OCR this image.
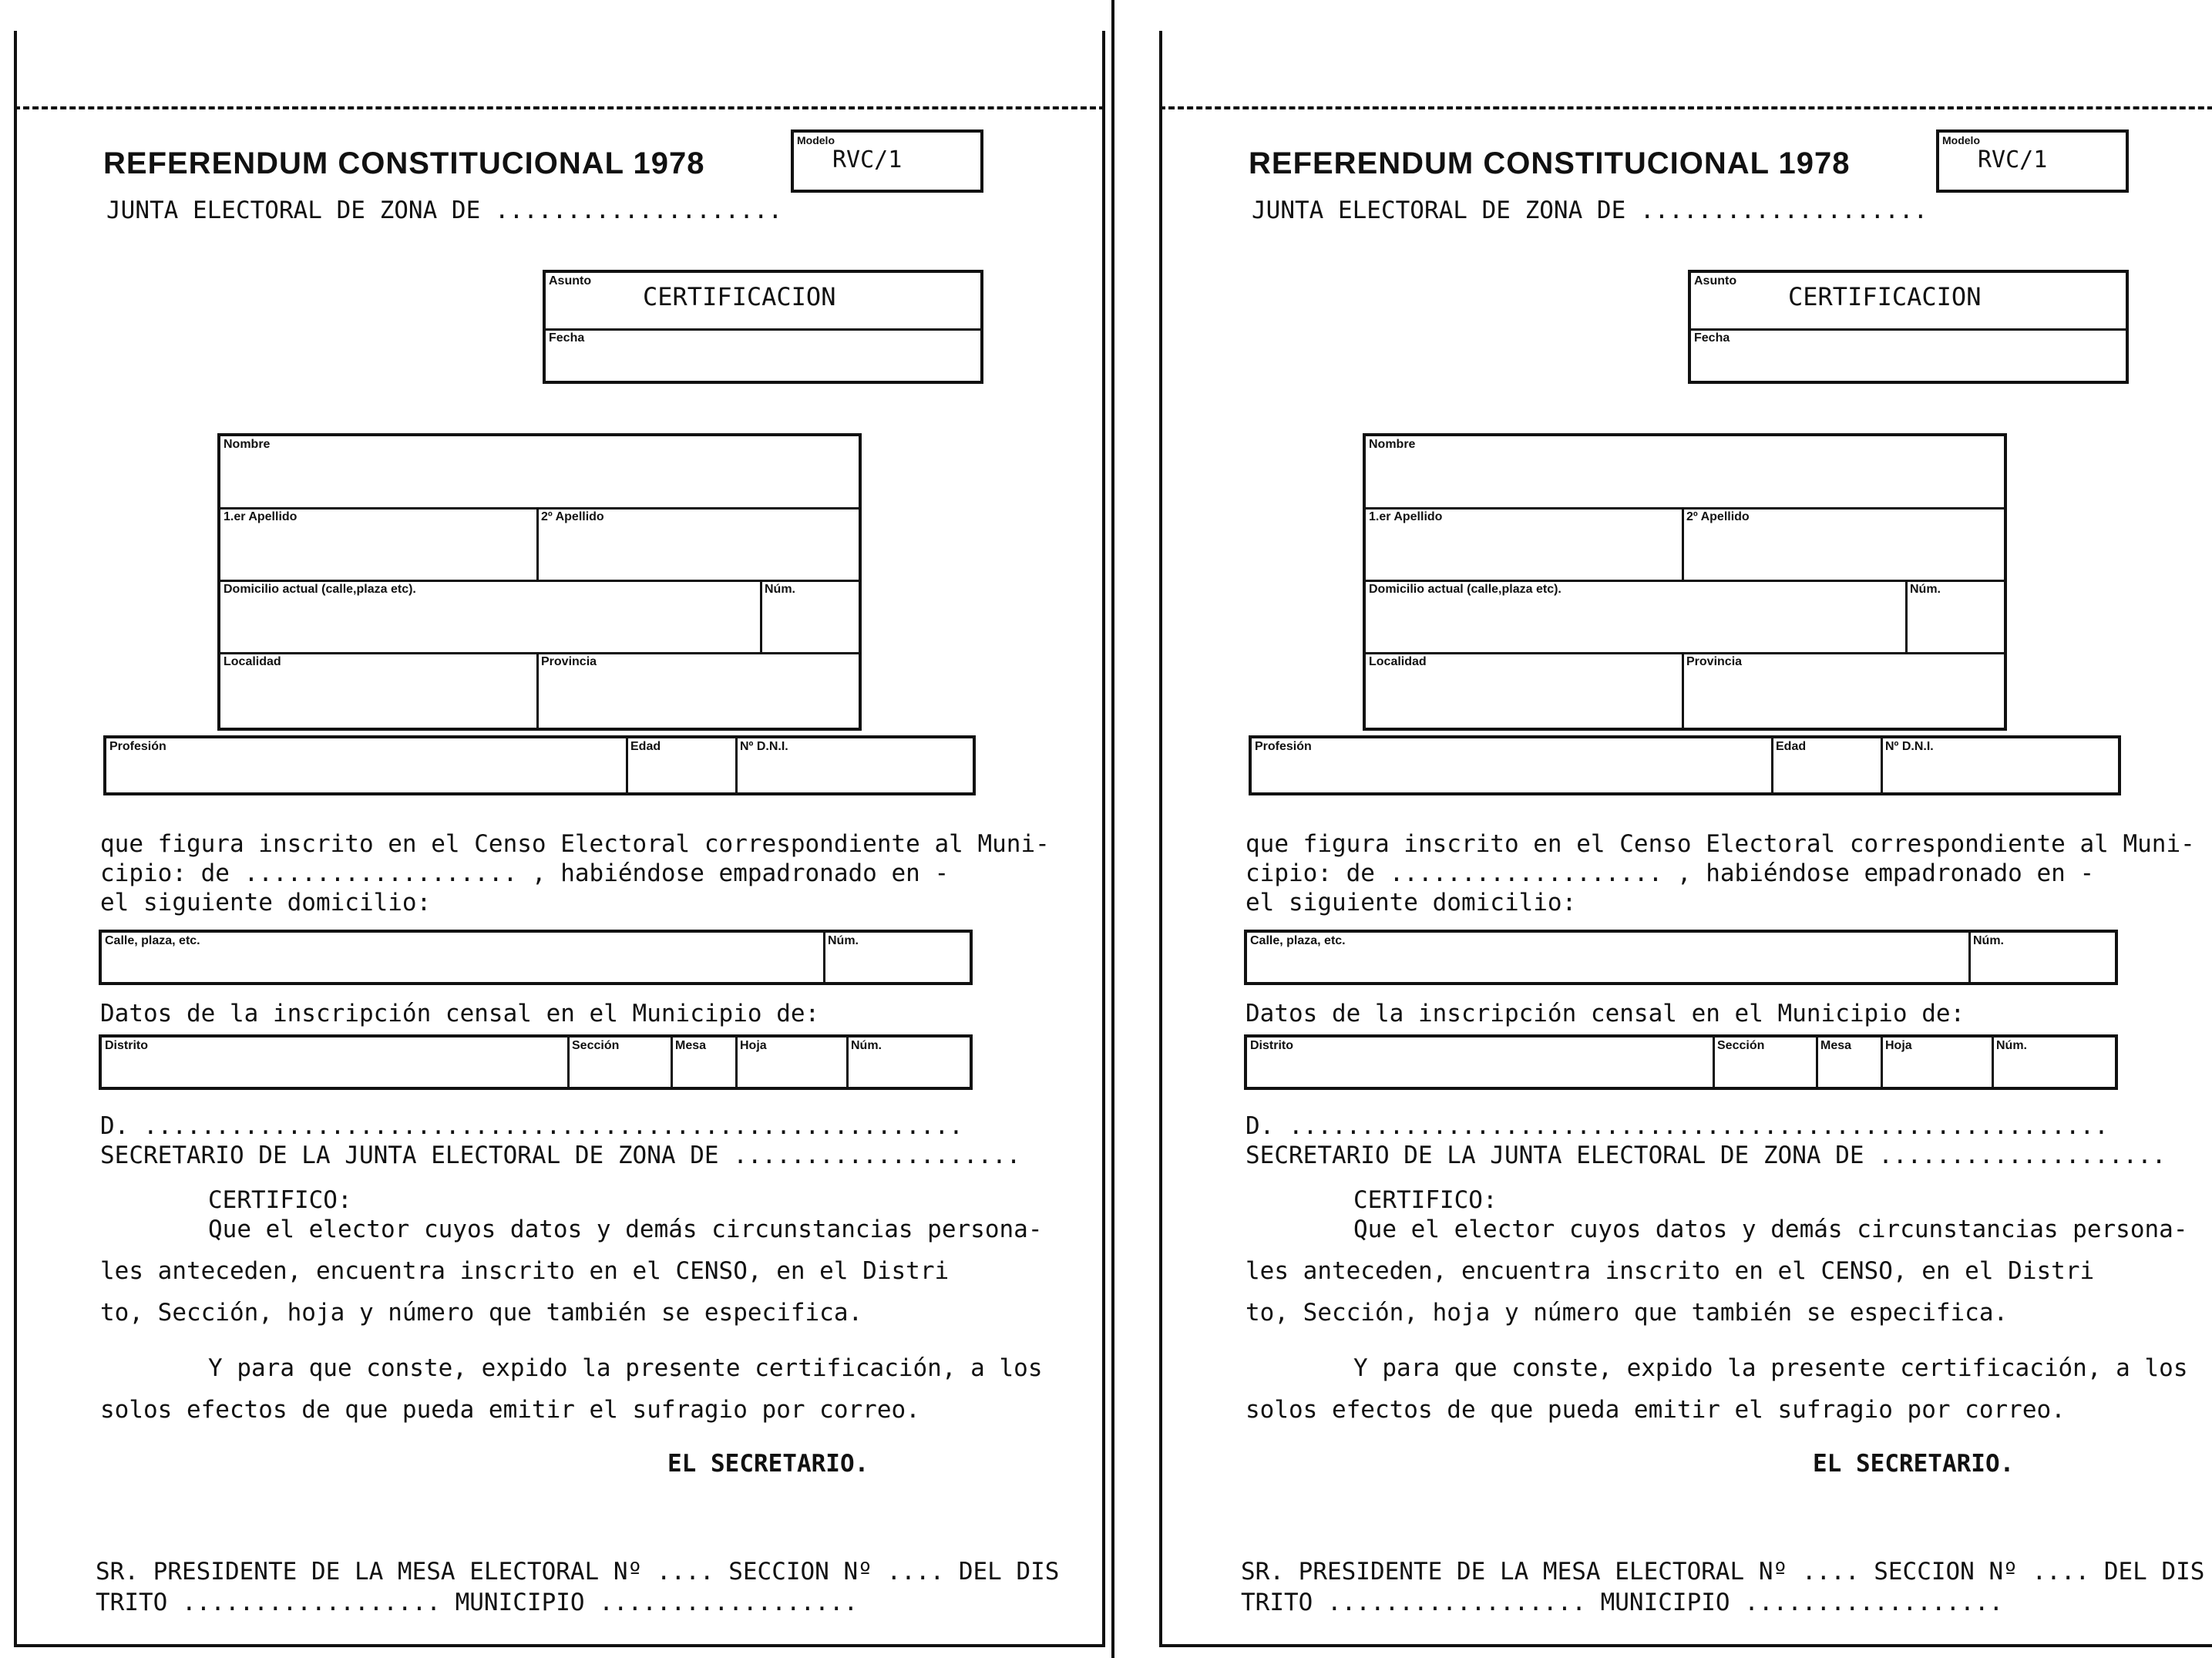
REFERENDUM CONSTITUCIONAL 1978
JUNTA ELECTORAL DE ZONA DE ....................
Modelo
RVC/1
Asunto
CERTIFICACION
Fecha
Nombre
1.er Apellido	2º Apellido
Domicilio actual (calle,plaza etc).	Núm.
Localidad	Provincia
Profesión	Edad	Nº D.N.I.
que figura inscrito en el Censo Electoral correspondiente al Muni-
cipio: de ................... , habiéndose empadronado en -
el siguiente domicilio:
Calle, plaza, etc.	Núm.
Datos de la inscripción censal en el Municipio de:
Distrito	Sección	Mesa	Hoja	Núm.
D. .........................................................
SECRETARIO DE LA JUNTA ELECTORAL DE ZONA DE ....................
CERTIFICO:
Que el elector cuyos datos y demás circunstancias persona-
les anteceden, encuentra inscrito en el CENSO, en el Distri
to, Sección, hoja y número que también se especifica.
Y para que conste, expido la presente certificación, a los
solos efectos de que pueda emitir el sufragio por correo.
EL SECRETARIO.
SR. PRESIDENTE DE LA MESA ELECTORAL Nº .... SECCION Nº .... DEL DIS
TRITO .................. MUNICIPIO ..................
REFERENDUM CONSTITUCIONAL 1978
JUNTA ELECTORAL DE ZONA DE ....................
Modelo
RVC/1
Asunto
CERTIFICACION
Fecha
Nombre
1.er Apellido	2º Apellido
Domicilio actual (calle,plaza etc).	Núm.
Localidad	Provincia
Profesión	Edad	Nº D.N.I.
que figura inscrito en el Censo Electoral correspondiente al Muni-
cipio: de ................... , habiéndose empadronado en -
el siguiente domicilio:
Calle, plaza, etc.	Núm.
Datos de la inscripción censal en el Municipio de:
Distrito	Sección	Mesa	Hoja	Núm.
D. .........................................................
SECRETARIO DE LA JUNTA ELECTORAL DE ZONA DE ....................
CERTIFICO:
Que el elector cuyos datos y demás circunstancias persona-
les anteceden, encuentra inscrito en el CENSO, en el Distri
to, Sección, hoja y número que también se especifica.
Y para que conste, expido la presente certificación, a los
solos efectos de que pueda emitir el sufragio por correo.
EL SECRETARIO.
SR. PRESIDENTE DE LA MESA ELECTORAL Nº .... SECCION Nº .... DEL DIS
TRITO .................. MUNICIPIO ..................
